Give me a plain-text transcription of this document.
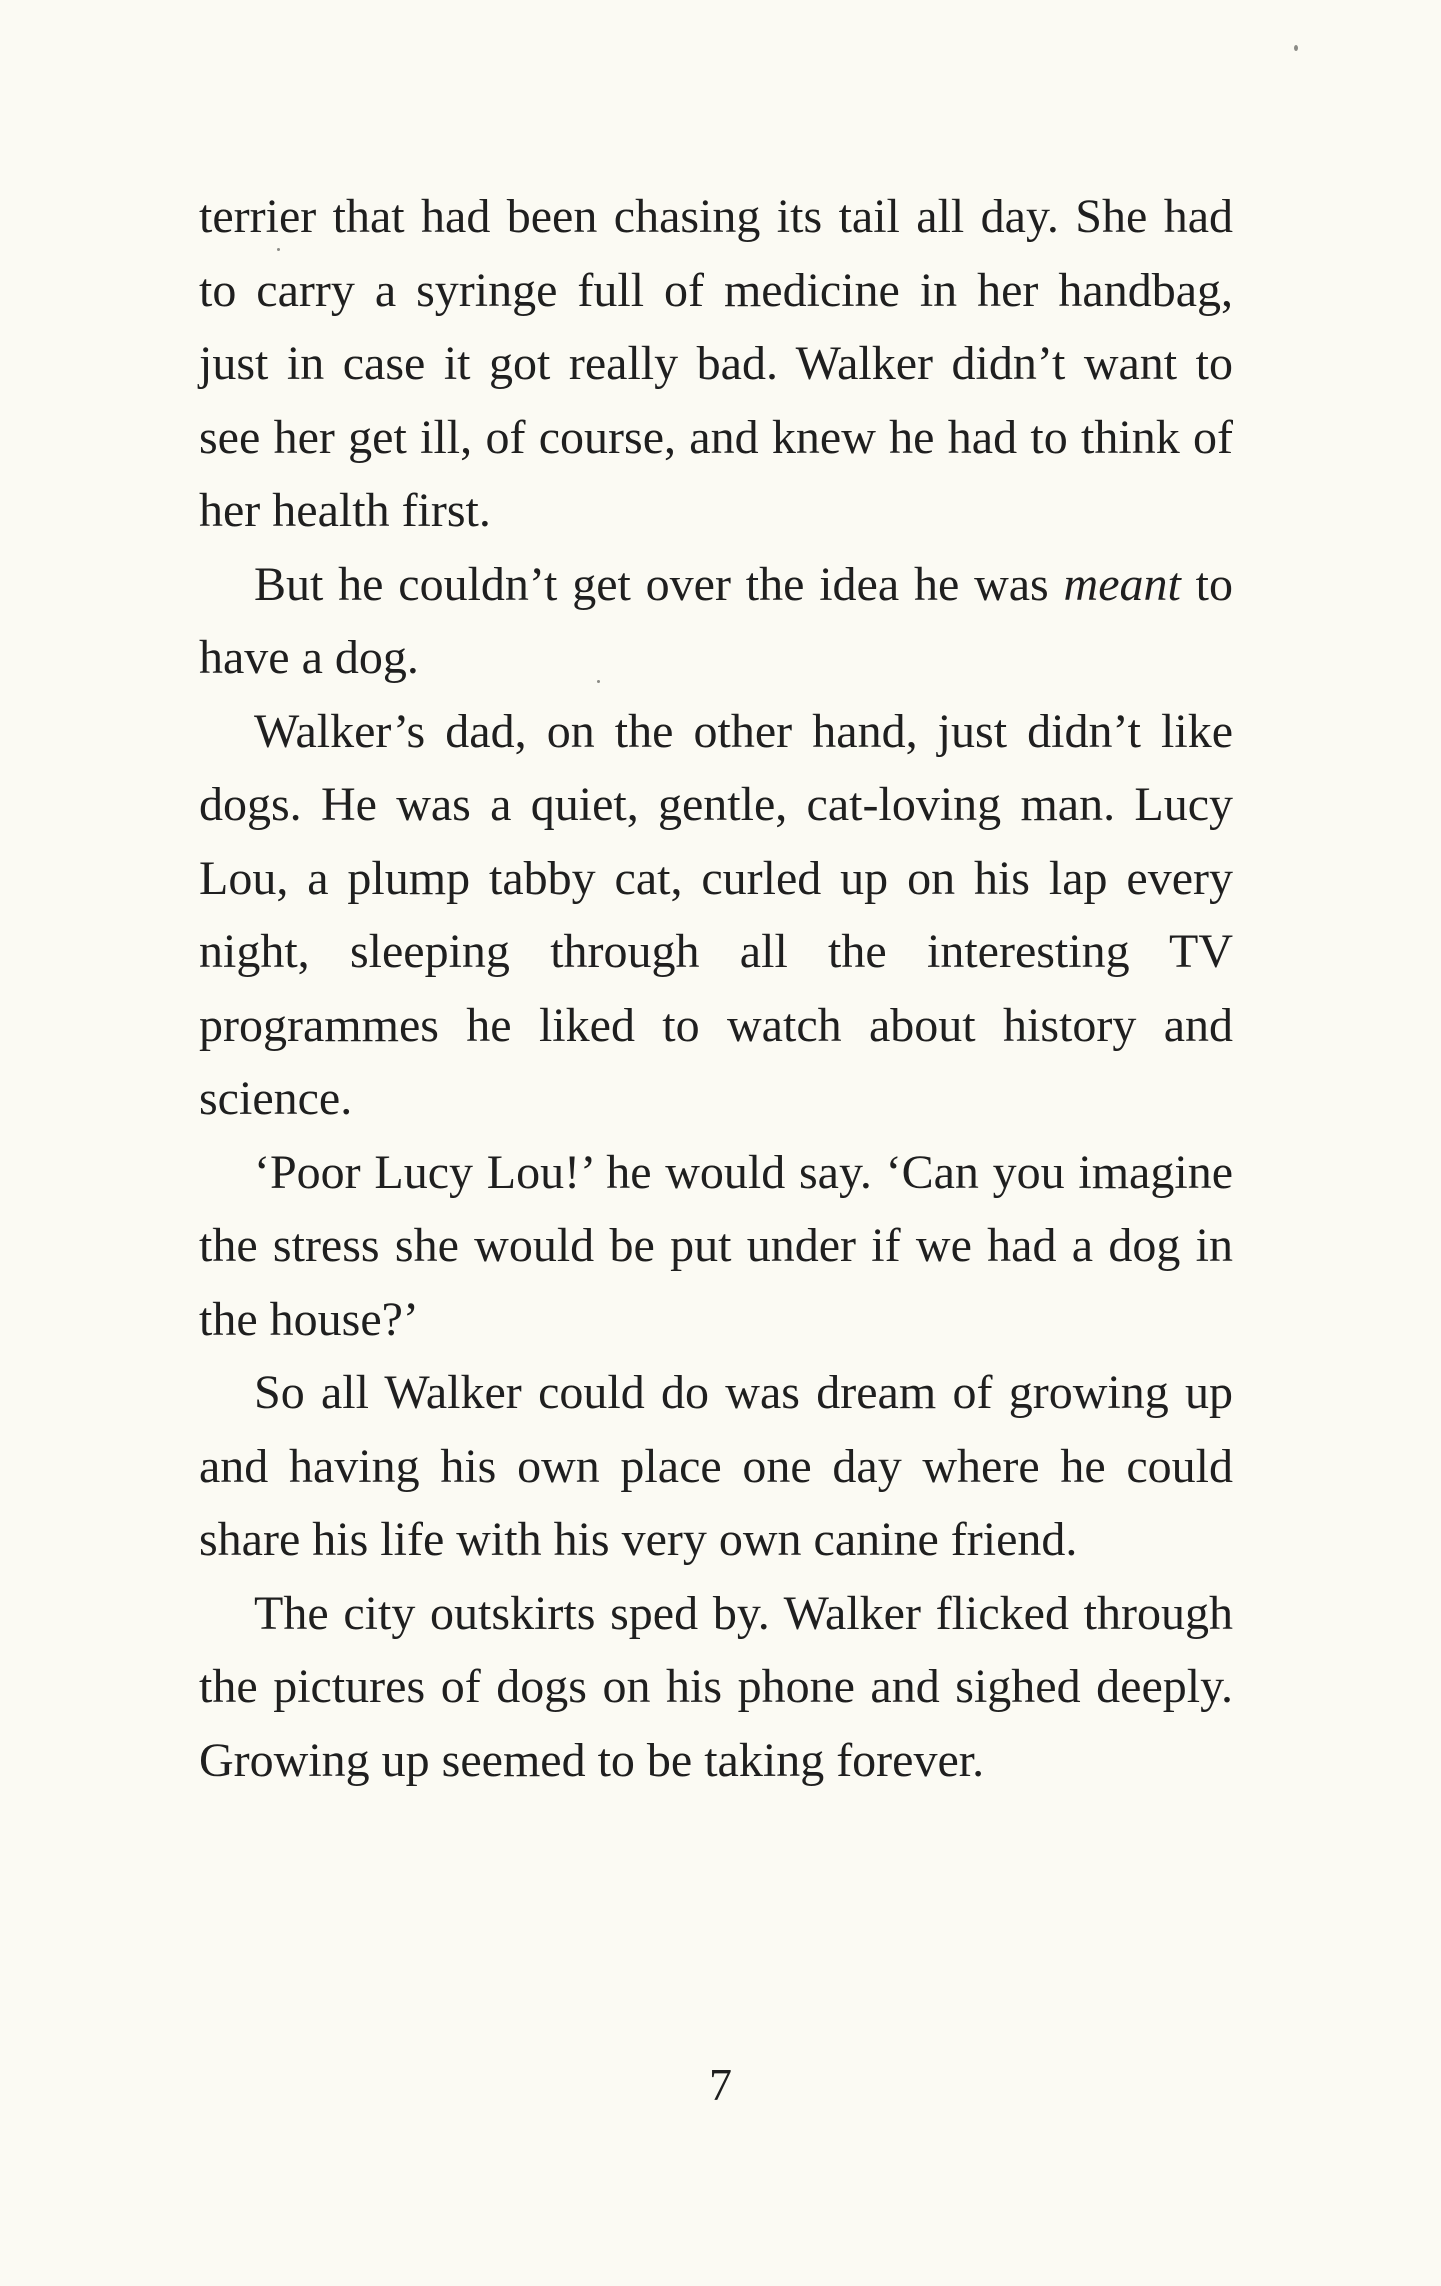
terrier that had been chasing its tail all day. She had to carry a syringe full of medicine in her handbag, just in case it got really bad. Walker didn’t want to see her get ill, of course, and knew he had to think of her health first.

But he couldn’t get over the idea he was meant to have a dog.

Walker’s dad, on the other hand, just didn’t like dogs. He was a quiet, gentle, cat-loving man. Lucy Lou, a plump tabby cat, curled up on his lap every night, sleeping through all the interesting TV programmes he liked to watch about history and science.

‘Poor Lucy Lou!’ he would say. ‘Can you imagine the stress she would be put under if we had a dog in the house?’

So all Walker could do was dream of growing up and having his own place one day where he could share his life with his very own canine friend.

The city outskirts sped by. Walker flicked through the pictures of dogs on his phone and sighed deeply. Growing up seemed to be taking forever.

7
